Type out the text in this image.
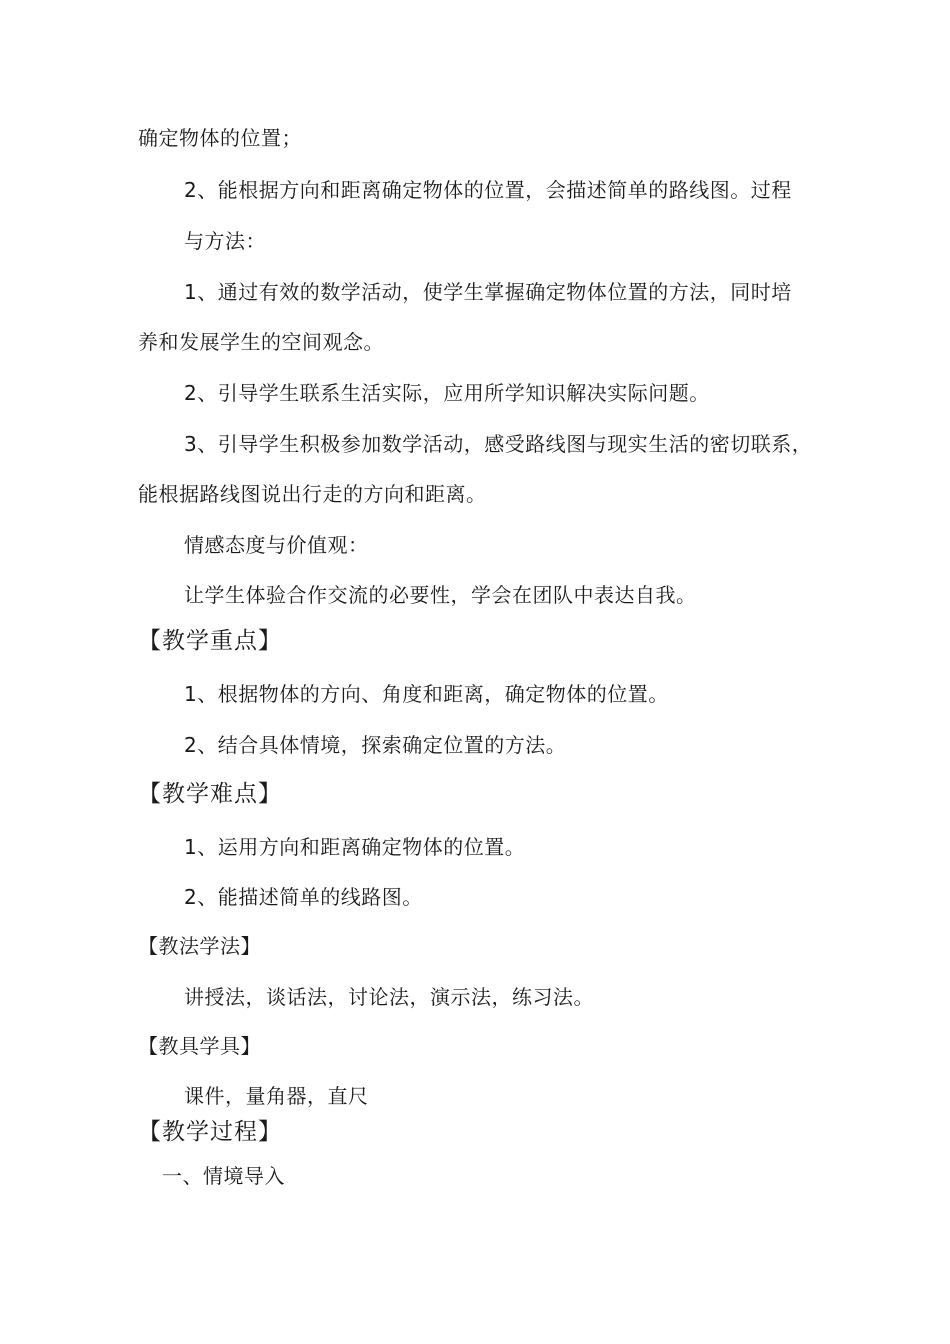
确定物体的位置；
2、能根据方向和距离确定物体的位置，会描述简单的路线图。过程
与方法：
1、通过有效的数学活动，使学生掌握确定物体位置的方法，同时培
养和发展学生的空间观念。
2、引导学生联系生活实际，应用所学知识解决实际问题。
3、引导学生积极参加数学活动，感受路线图与现实生活的密切联系，
能根据路线图说出行走的方向和距离。
情感态度与价值观：
让学生体验合作交流的必要性，学会在团队中表达自我。
【教学重点】
1、根据物体的方向、角度和距离，确定物体的位置。
2、结合具体情境，探索确定位置的方法。
【教学难点】
1、运用方向和距离确定物体的位置。
2、能描述简单的线路图。
【教法学法】
讲授法，谈话法，讨论法，演示法，练习法。
【教具学具】
课件，量角器，直尺
【教学过程】
一、情境导入
